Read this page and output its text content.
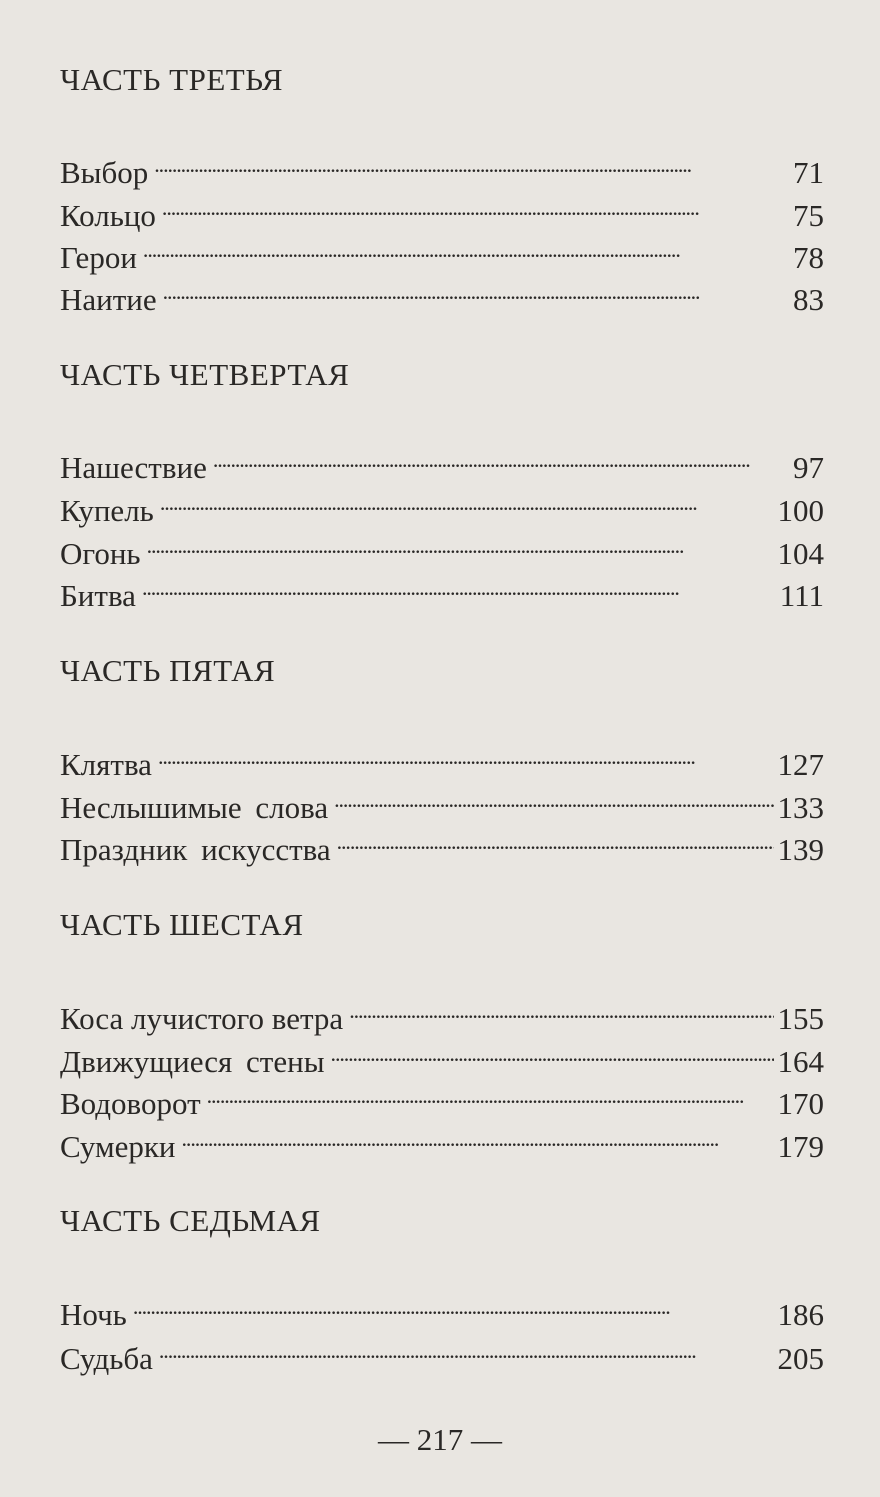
ЧАСТЬ ТРЕТЬЯ
Выбор . . .	71
Кольцо . . .	75
Герои . . .	78
Наитие . . .	83
ЧАСТЬ ЧЕТВЕРТАЯ
Нашествие . . .	97
Купель . . .	100
Огонь . . .	104
Битва . . .	111
ЧАСТЬ ПЯТАЯ
Клятва . . .	127
Неслышимые слова . . .	133
Праздник искусства . . .	139
ЧАСТЬ ШЕСТАЯ
Коса лучистого ветра . . .	155
Движущиеся стены . . .	164
Водоворот . . .	170
Сумерки . . .	179
ЧАСТЬ СЕДЬМАЯ
Ночь . . .	186
Судьба . . .	205
— 217 —
